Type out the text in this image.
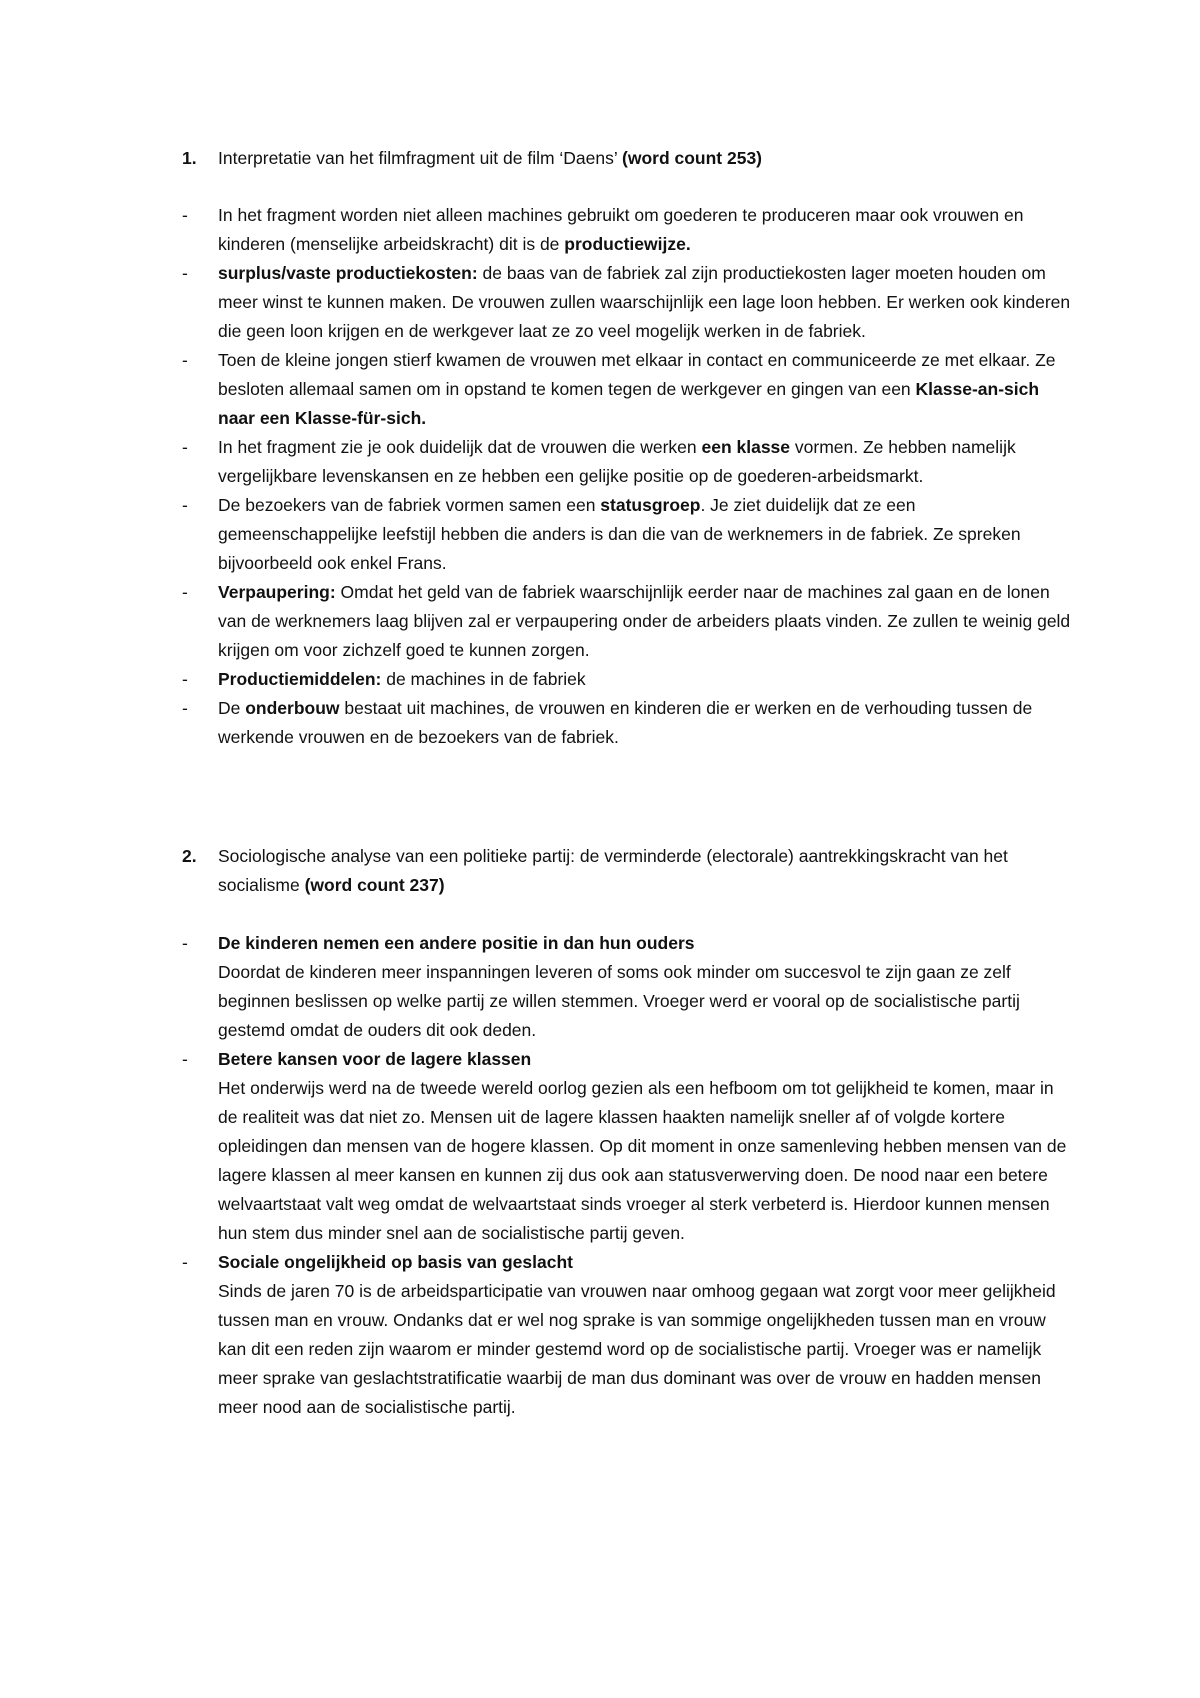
1. Interpretatie van het filmfragment uit de film ‘Daens’ (word count 253)
- In het fragment worden niet alleen machines gebruikt om goederen te produceren maar ook vrouwen en kinderen (menselijke arbeidskracht) dit is de productiewijze.
- surplus/vaste productiekosten: de baas van de fabriek zal zijn productiekosten lager moeten houden om meer winst te kunnen maken. De vrouwen zullen waarschijnlijk een lage loon hebben. Er werken ook kinderen die geen loon krijgen en de werkgever laat ze zo veel mogelijk werken in de fabriek.
- Toen de kleine jongen stierf kwamen de vrouwen met elkaar in contact en communiceerde ze met elkaar. Ze besloten allemaal samen om in opstand te komen tegen de werkgever en gingen van een Klasse-an-sich naar een Klasse-für-sich.
- In het fragment zie je ook duidelijk dat de vrouwen die werken een klasse vormen. Ze hebben namelijk vergelijkbare levenskansen en ze hebben een gelijke positie op de goederen-arbeidsmarkt.
- De bezoekers van de fabriek vormen samen een statusgroep. Je ziet duidelijk dat ze een gemeenschappelijke leefstijl hebben die anders is dan die van de werknemers in de fabriek. Ze spreken bijvoorbeeld ook enkel Frans.
- Verpaupering: Omdat het geld van de fabriek waarschijnlijk eerder naar de machines zal gaan en de lonen van de werknemers laag blijven zal er verpaupering onder de arbeiders plaats vinden. Ze zullen te weinig geld krijgen om voor zichzelf goed te kunnen zorgen.
- Productiemiddelen: de machines in de fabriek
- De onderbouw bestaat uit machines, de vrouwen en kinderen die er werken en de verhouding tussen de werkende vrouwen en de bezoekers van de fabriek.
2. Sociologische analyse van een politieke partij: de verminderde (electorale) aantrekkingskracht van het socialisme (word count 237)
- De kinderen nemen een andere positie in dan hun ouders
Doordat de kinderen meer inspanningen leveren of soms ook minder om succesvol te zijn gaan ze zelf beginnen beslissen op welke partij ze willen stemmen. Vroeger werd er vooral op de socialistische partij gestemd omdat de ouders dit ook deden.
- Betere kansen voor de lagere klassen
Het onderwijs werd na de tweede wereld oorlog gezien als een hefboom om tot gelijkheid te komen, maar in de realiteit was dat niet zo. Mensen uit de lagere klassen haakten namelijk sneller af of volgde kortere opleidingen dan mensen van de hogere klassen. Op dit moment in onze samenleving hebben mensen van de lagere klassen al meer kansen en kunnen zij dus ook aan statusverwerving doen. De nood naar een betere welvaartstaat valt weg omdat de welvaartstaat sinds vroeger al sterk verbeterd is. Hierdoor kunnen mensen hun stem dus minder snel aan de socialistische partij geven.
- Sociale ongelijkheid op basis van geslacht
Sinds de jaren 70 is de arbeidsparticipatie van vrouwen naar omhoog gegaan wat zorgt voor meer gelijkheid tussen man en vrouw. Ondanks dat er wel nog sprake is van sommige ongelijkheden tussen man en vrouw kan dit een reden zijn waarom er minder gestemd word op de socialistische partij. Vroeger was er namelijk meer sprake van geslachtstratificatie waarbij de man dus dominant was over de vrouw en hadden mensen meer nood aan de socialistische partij.
